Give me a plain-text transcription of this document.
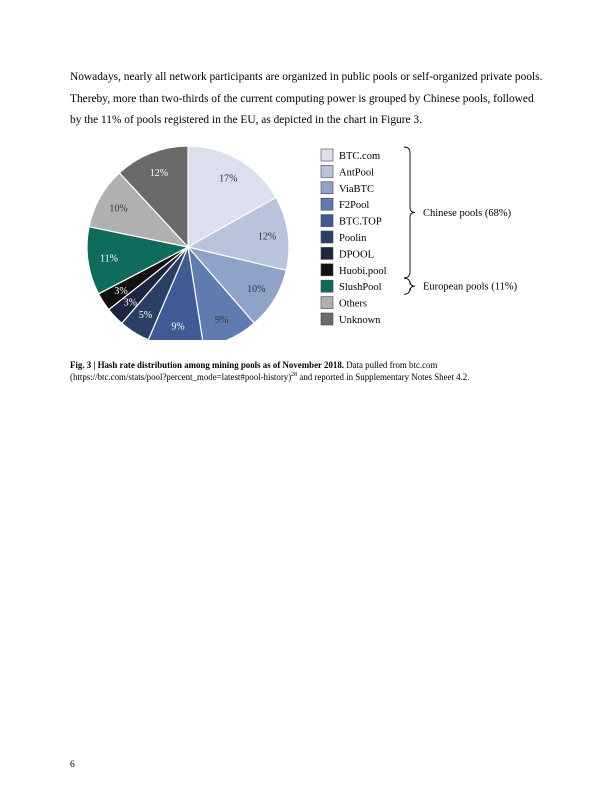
Nowadays, nearly all network participants are organized in public pools or self-organized private pools.
Thereby, more than two-thirds of the current computing power is grouped by Chinese pools, followed
by the 11% of pools registered in the EU, as depicted in the chart in Figure 3.
17%
12%
10%
9%
9%
5%
3%
3%
11%
10%
12%
BTC.com
AntPool
ViaBTC
F2Pool
BTC.TOP
Poolin
DPOOL
Huobi.pool
SlushPool
Others
Unknown
Chinese pools (68%)
European pools (11%)
Fig. 3 | Hash rate distribution among mining pools as of November 2018. Data pulled from btc.com
(https://btc.com/stats/pool?percent_mode=latest#pool-history)$^{28}$ and reported in Supplementary Notes Sheet 4.2.
6
